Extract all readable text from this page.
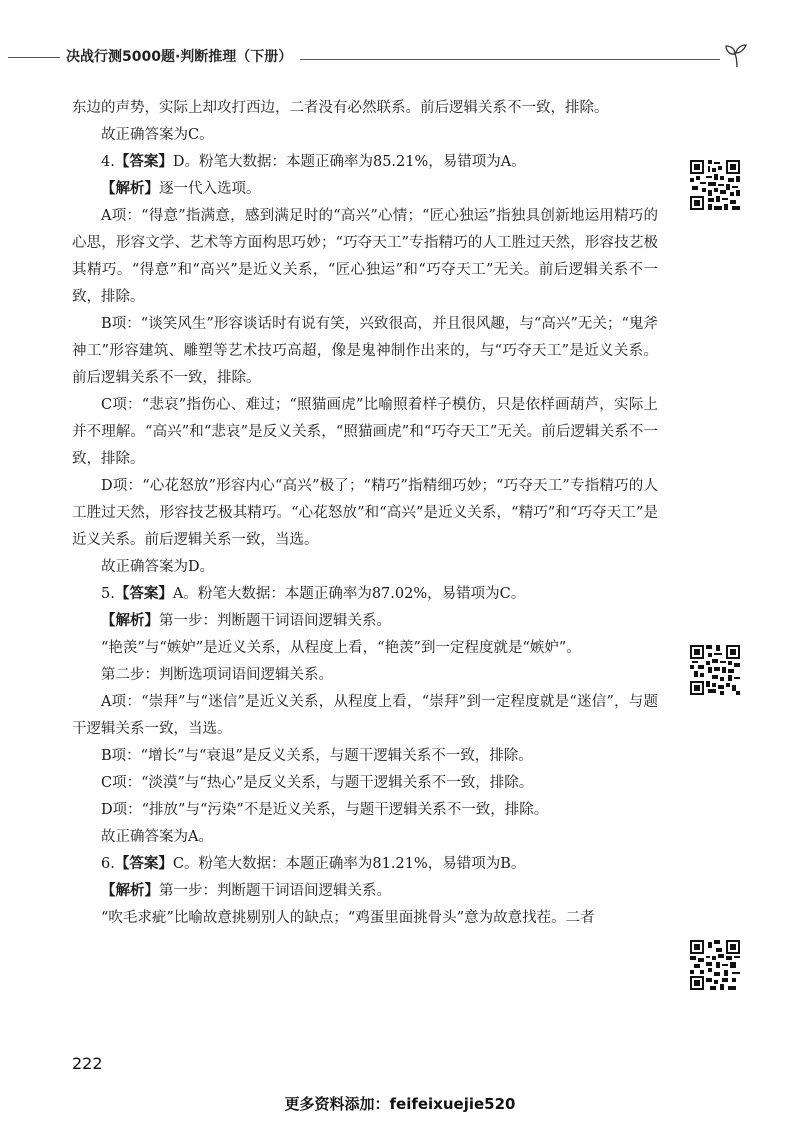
决战行测5000题·判断推理（下册）

东边的声势，实际上却攻打西边，二者没有必然联系。前后逻辑关系不一致，排除。

故正确答案为C。

4.【答案】D。粉笔大数据：本题正确率为85.21%，易错项为A。

【解析】逐一代入选项。

A项：“得意”指满意，感到满足时的“高兴”心情；“匠心独运”指独具创新地运用精巧的心思，形容文学、艺术等方面构思巧妙；“巧夺天工”专指精巧的人工胜过天然，形容技艺极其精巧。“得意”和“高兴”是近义关系，“匠心独运”和“巧夺天工”无关。前后逻辑关系不一致，排除。

B项：“谈笑风生”形容谈话时有说有笑，兴致很高，并且很风趣，与“高兴”无关；“鬼斧神工”形容建筑、雕塑等艺术技巧高超，像是鬼神制作出来的，与“巧夺天工”是近义关系。前后逻辑关系不一致，排除。

C项：“悲哀”指伤心、难过；“照猫画虎”比喻照着样子模仿，只是依样画葫芦，实际上并不理解。“高兴”和“悲哀”是反义关系，“照猫画虎”和“巧夺天工”无关。前后逻辑关系不一致，排除。

D项：“心花怒放”形容内心“高兴”极了；“精巧”指精细巧妙；“巧夺天工”专指精巧的人工胜过天然，形容技艺极其精巧。“心花怒放”和“高兴”是近义关系，“精巧”和“巧夺天工”是近义关系。前后逻辑关系一致，当选。

故正确答案为D。

5.【答案】A。粉笔大数据：本题正确率为87.02%，易错项为C。

【解析】第一步：判断题干词语间逻辑关系。

“艳羡”与“嫉妒”是近义关系，从程度上看，“艳羡”到一定程度就是“嫉妒”。

第二步：判断选项词语间逻辑关系。

A项：“崇拜”与“迷信”是近义关系，从程度上看，“崇拜”到一定程度就是“迷信”，与题干逻辑关系一致，当选。

B项：“增长”与“衰退”是反义关系，与题干逻辑关系不一致，排除。

C项：“淡漠”与“热心”是反义关系，与题干逻辑关系不一致，排除。

D项：“排放”与“污染”不是近义关系，与题干逻辑关系不一致，排除。

故正确答案为A。

6.【答案】C。粉笔大数据：本题正确率为81.21%，易错项为B。

【解析】第一步：判断题干词语间逻辑关系。

“吹毛求疵”比喻故意挑剔别人的缺点；“鸡蛋里面挑骨头”意为故意找茬。二者

222
更多资料添加：feifeixuejie520
